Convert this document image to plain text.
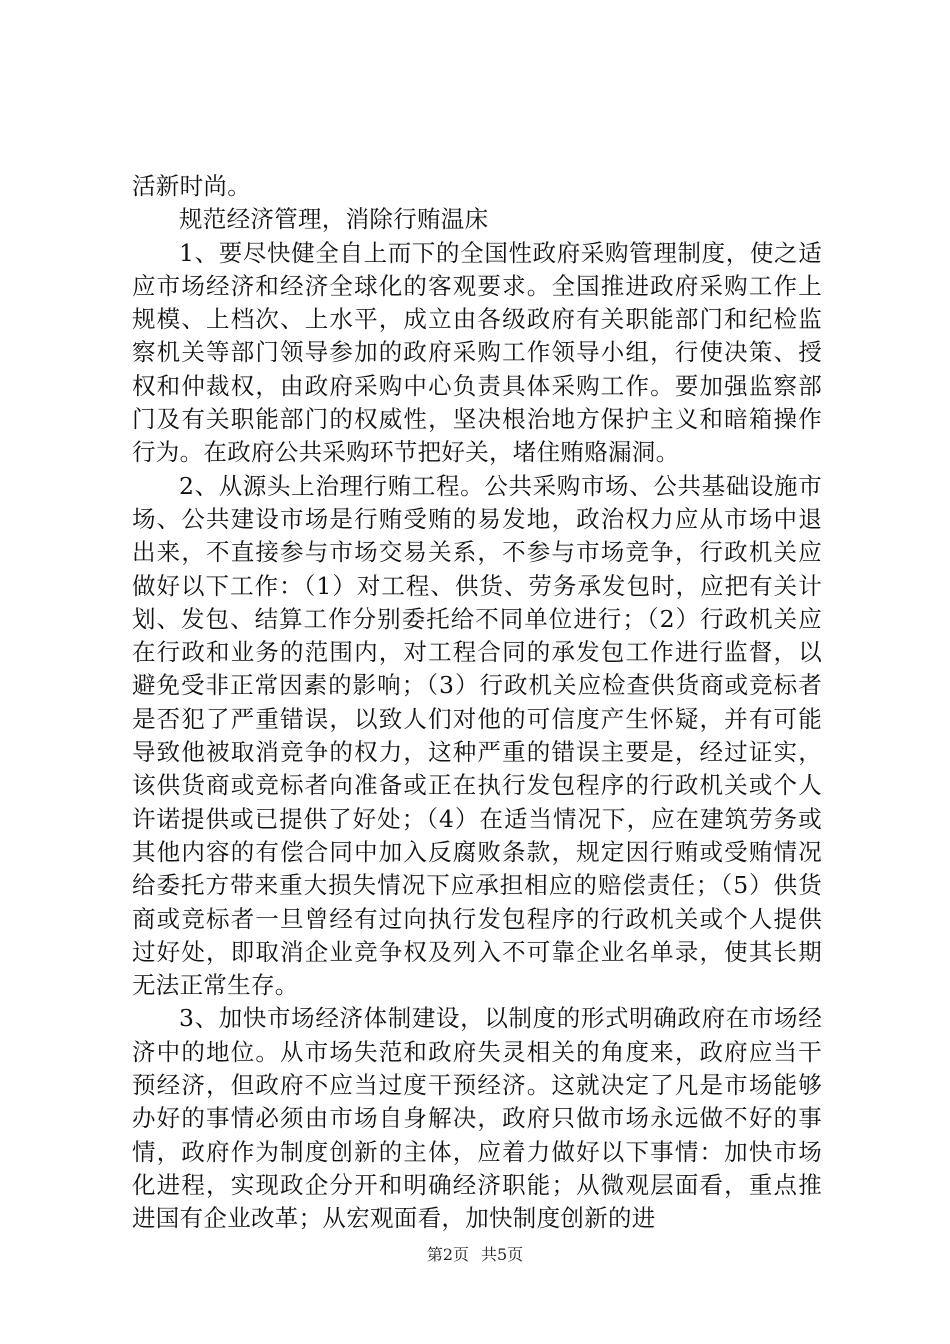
活新时尚。

规范经济管理，消除行贿温床

1、要尽快健全自上而下的全国性政府采购管理制度，使之适应市场经济和经济全球化的客观要求。全国推进政府采购工作上规模、上档次、上水平，成立由各级政府有关职能部门和纪检监察机关等部门领导参加的政府采购工作领导小组，行使决策、授权和仲裁权，由政府采购中心负责具体采购工作。要加强监察部门及有关职能部门的权威性，坚决根治地方保护主义和暗箱操作行为。在政府公共采购环节把好关，堵住贿赂漏洞。

2、从源头上治理行贿工程。公共采购市场、公共基础设施市场、公共建设市场是行贿受贿的易发地，政治权力应从市场中退出来，不直接参与市场交易关系，不参与市场竞争，行政机关应做好以下工作：（1）对工程、供货、劳务承发包时，应把有关计划、发包、结算工作分别委托给不同单位进行；（2）行政机关应在行政和业务的范围内，对工程合同的承发包工作进行监督，以避免受非正常因素的影响；（3）行政机关应检查供货商或竞标者是否犯了严重错误，以致人们对他的可信度产生怀疑，并有可能导致他被取消竞争的权力，这种严重的错误主要是，经过证实，该供货商或竞标者向准备或正在执行发包程序的行政机关或个人许诺提供或已提供了好处；（4）在适当情况下，应在建筑劳务或其他内容的有偿合同中加入反腐败条款，规定因行贿或受贿情况给委托方带来重大损失情况下应承担相应的赔偿责任；（5）供货商或竞标者一旦曾经有过向执行发包程序的行政机关或个人提供过好处，即取消企业竞争权及列入不可靠企业名单录，使其长期无法正常生存。

3、加快市场经济体制建设，以制度的形式明确政府在市场经济中的地位。从市场失范和政府失灵相关的角度来，政府应当干预经济，但政府不应当过度干预经济。这就决定了凡是市场能够办好的事情必须由市场自身解决，政府只做市场永远做不好的事情，政府作为制度创新的主体，应着力做好以下事情：加快市场化进程，实现政企分开和明确经济职能；从微观层面看，重点推进国有企业改革；从宏观面看，加快制度创新的进

第2页 共5页
